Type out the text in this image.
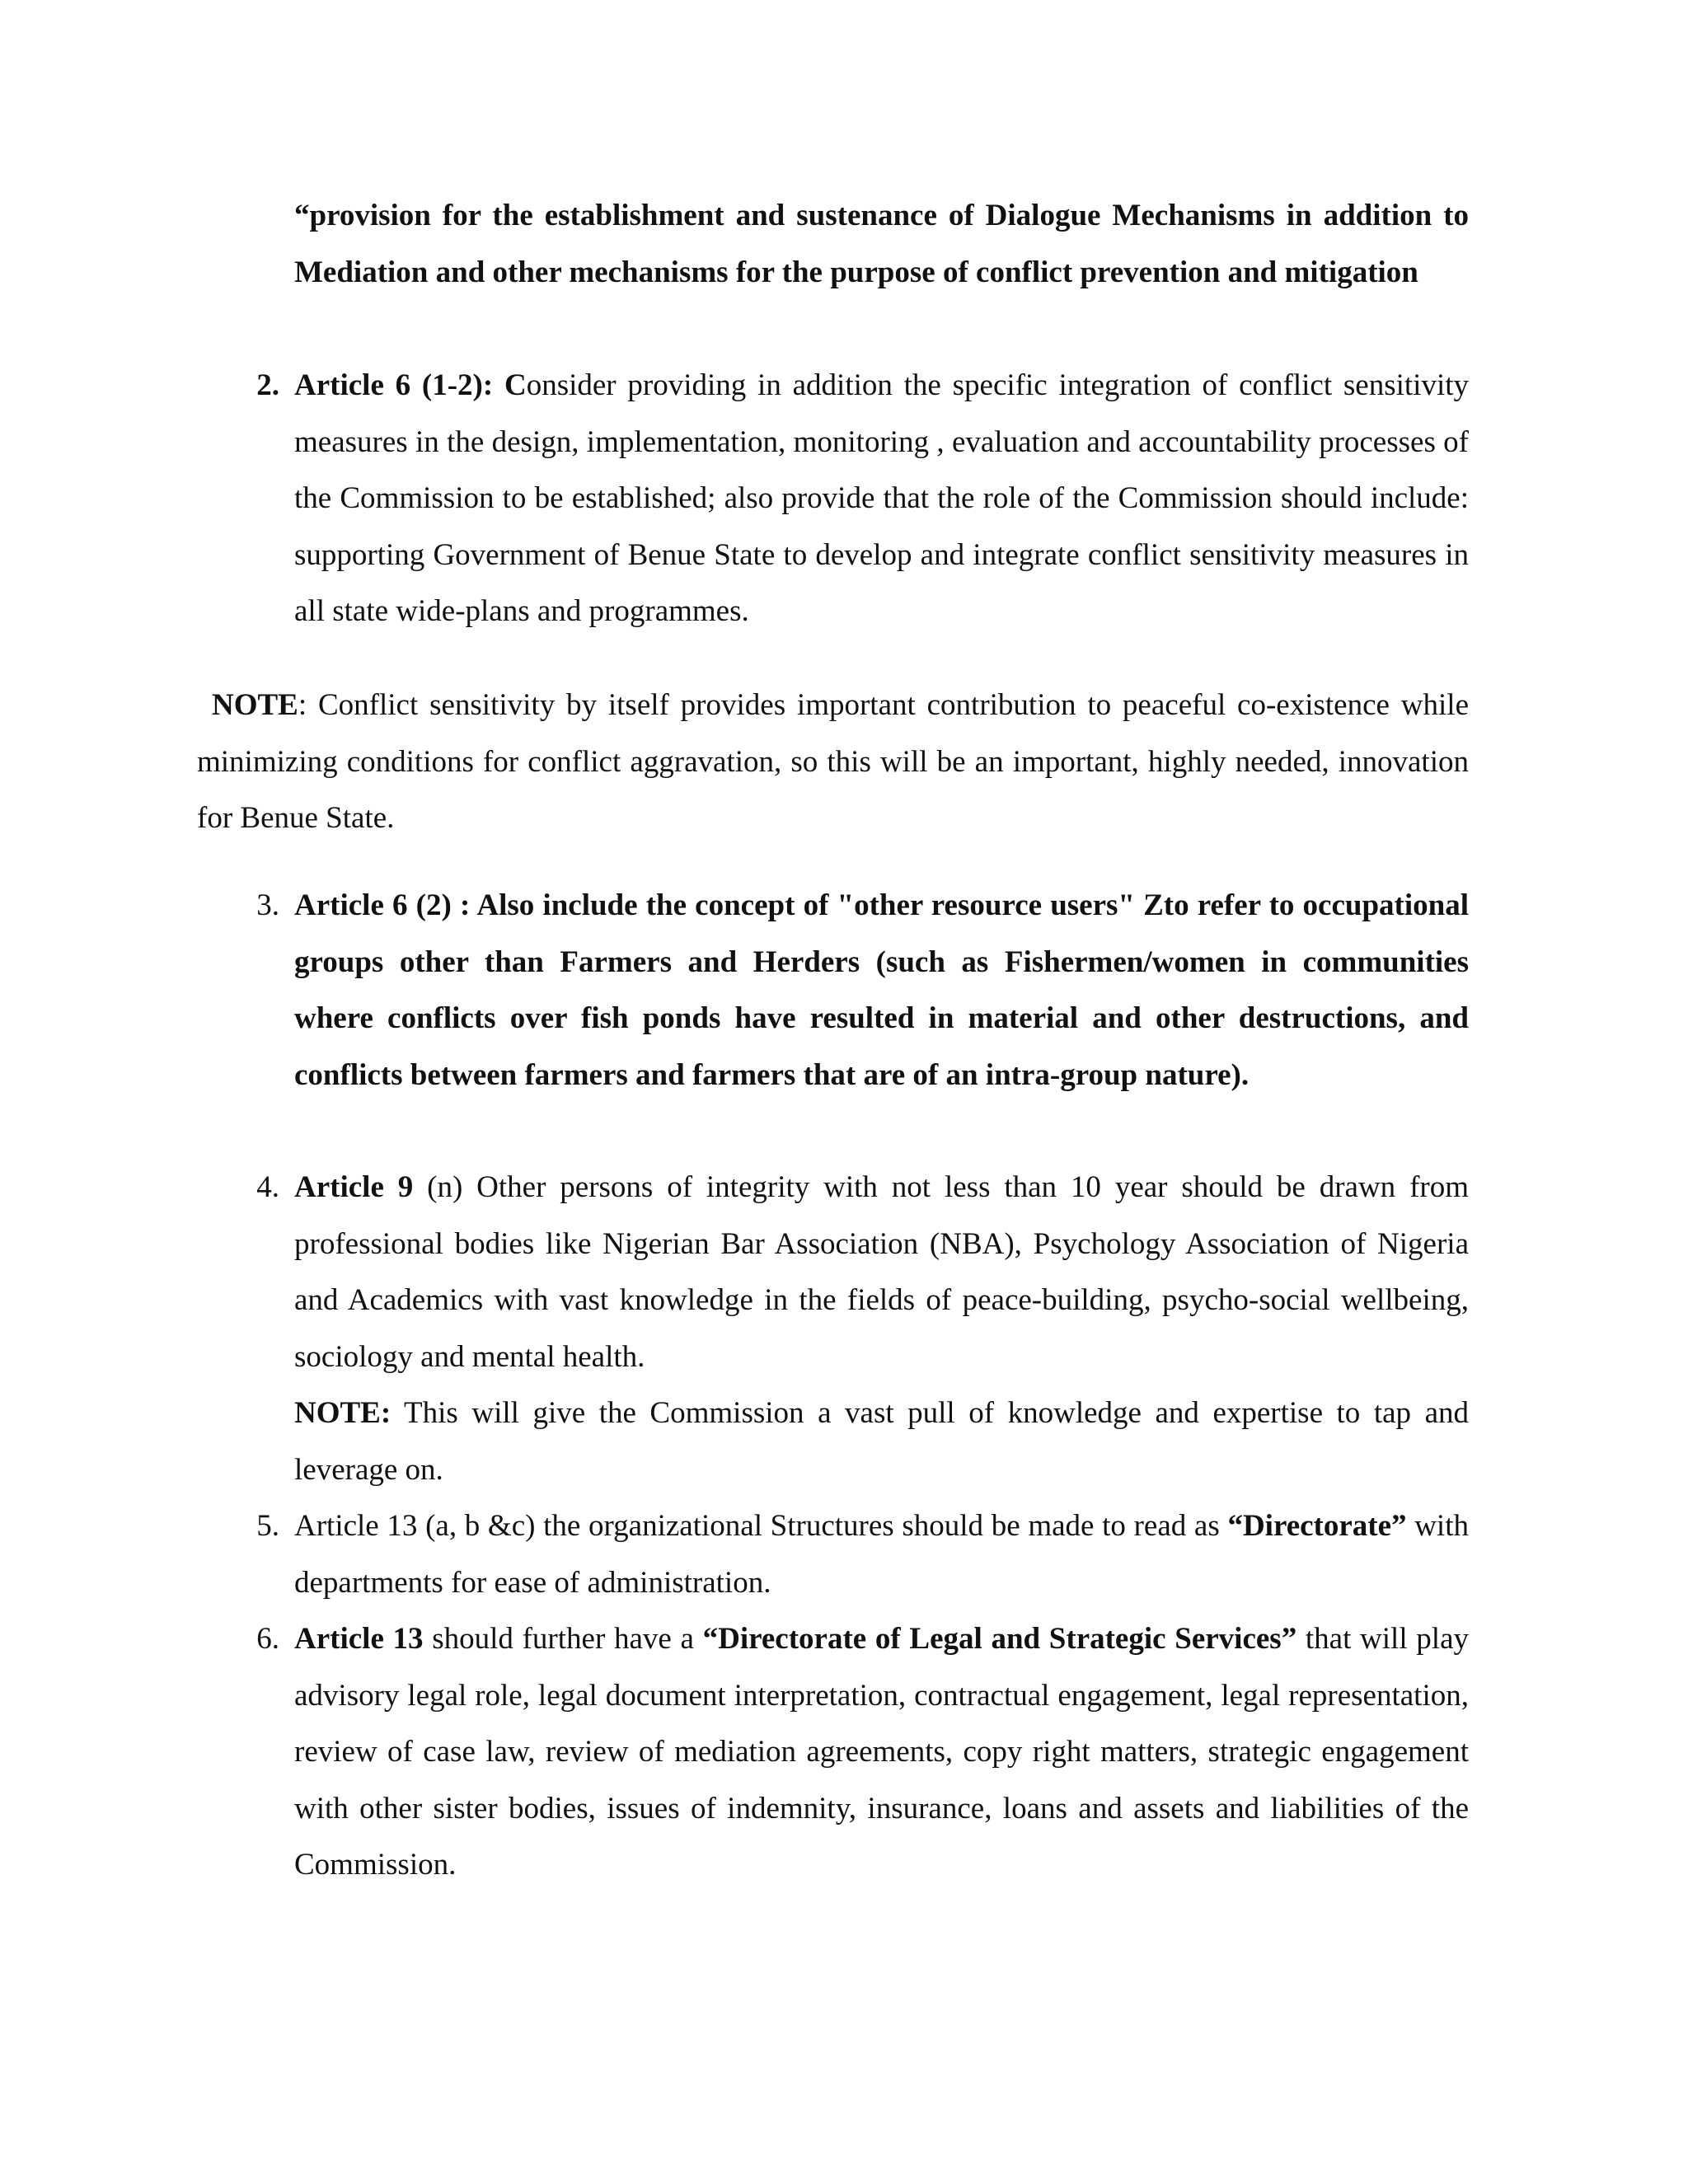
“provision for the establishment and sustenance of Dialogue Mechanisms in addition to Mediation and other mechanisms for the purpose of conflict prevention and mitigation
2. Article 6 (1-2): Consider providing in addition the specific integration of conflict sensitivity measures in the design, implementation, monitoring , evaluation and accountability processes of the Commission to be established; also provide that the role of the Commission should include: supporting Government of Benue State to develop and integrate conflict sensitivity measures in all state wide-plans and programmes.
NOTE: Conflict sensitivity by itself provides important contribution to peaceful co-existence while minimizing conditions for conflict aggravation, so this will be an important, highly needed, innovation for Benue State.
3. Article 6 (2) : Also include the concept of "other resource users" Zto refer to occupational groups other than Farmers and Herders (such as Fishermen/women in communities where conflicts over fish ponds have resulted in material and other destructions, and conflicts between farmers and farmers that are of an intra-group nature).
4. Article 9 (n) Other persons of integrity with not less than 10 year should be drawn from professional bodies like Nigerian Bar Association (NBA), Psychology Association of Nigeria and Academics with vast knowledge in the fields of peace-building, psycho-social wellbeing, sociology and mental health.
NOTE: This will give the Commission a vast pull of knowledge and expertise to tap and leverage on.
5. Article 13 (a, b &c) the organizational Structures should be made to read as “Directorate” with departments for ease of administration.
6. Article 13 should further have a “Directorate of Legal and Strategic Services” that will play advisory legal role, legal document interpretation, contractual engagement, legal representation, review of case law, review of mediation agreements, copy right matters, strategic engagement with other sister bodies, issues of indemnity, insurance, loans and assets and liabilities of the Commission.
